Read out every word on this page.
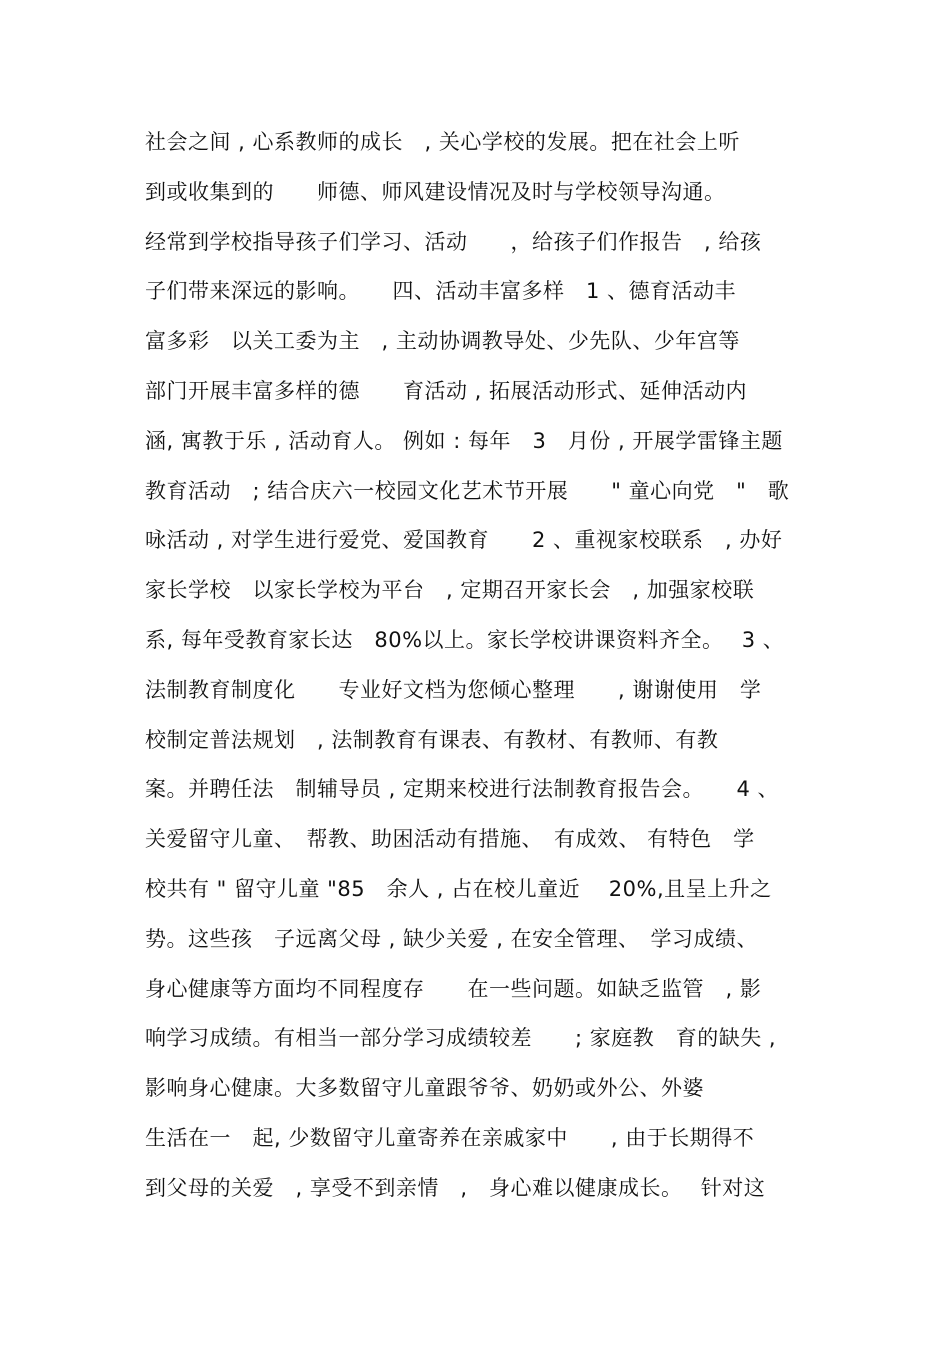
社会之间 , 心系教师的成长　, 关心学校的发展。把在社会上听
到或收集到的　　师德、师风建设情况及时与学校领导沟通。
经常到学校指导孩子们学习、活动　　，给孩子们作报告　, 给孩
子们带来深远的影响。　　四、活动丰富多样　1 、德育活动丰
富多彩　以关工委为主　, 主动协调教导处、少先队、少年宫等
部门开展丰富多样的德　　育活动 , 拓展活动形式、延伸活动内
涵, 寓教于乐 , 活动育人。 例如 : 每年　3　月份 , 开展学雷锋主题
教育活动　; 结合庆六一校园文化艺术节开展　　" 童心向党　"　歌
咏活动 , 对学生进行爱党、爱国教育　　2 、重视家校联系　, 办好
家长学校　以家长学校为平台　, 定期召开家长会　, 加强家校联
系, 每年受教育家长达　80%以上。家长学校讲课资料齐全。　 3 、
法制教育制度化　　专业好文档为您倾心整理　　, 谢谢使用　学
校制定普法规划　, 法制教育有课表、有教材、有教师、有教
案。并聘任法　制辅导员 , 定期来校进行法制教育报告会。　　4 、
关爱留守儿童、　帮教、助困活动有措施、　有成效、 有特色　学
校共有 " 留守儿童 "85　余人 , 占在校儿童近　 20%,且呈上升之
势。这些孩　子远离父母 , 缺少关爱 , 在安全管理、　学习成绩、
身心健康等方面均不同程度存　　在一些问题。如缺乏监管　, 影
响学习成绩。有相当一部分学习成绩较差　　; 家庭教　育的缺失 ,
影响身心健康。大多数留守儿童跟爷爷、奶奶或外公、外婆
生活在一　起, 少数留守儿童寄养在亲戚家中　　, 由于长期得不
到父母的关爱　, 享受不到亲情　,　身心难以健康成长。　 针对这
